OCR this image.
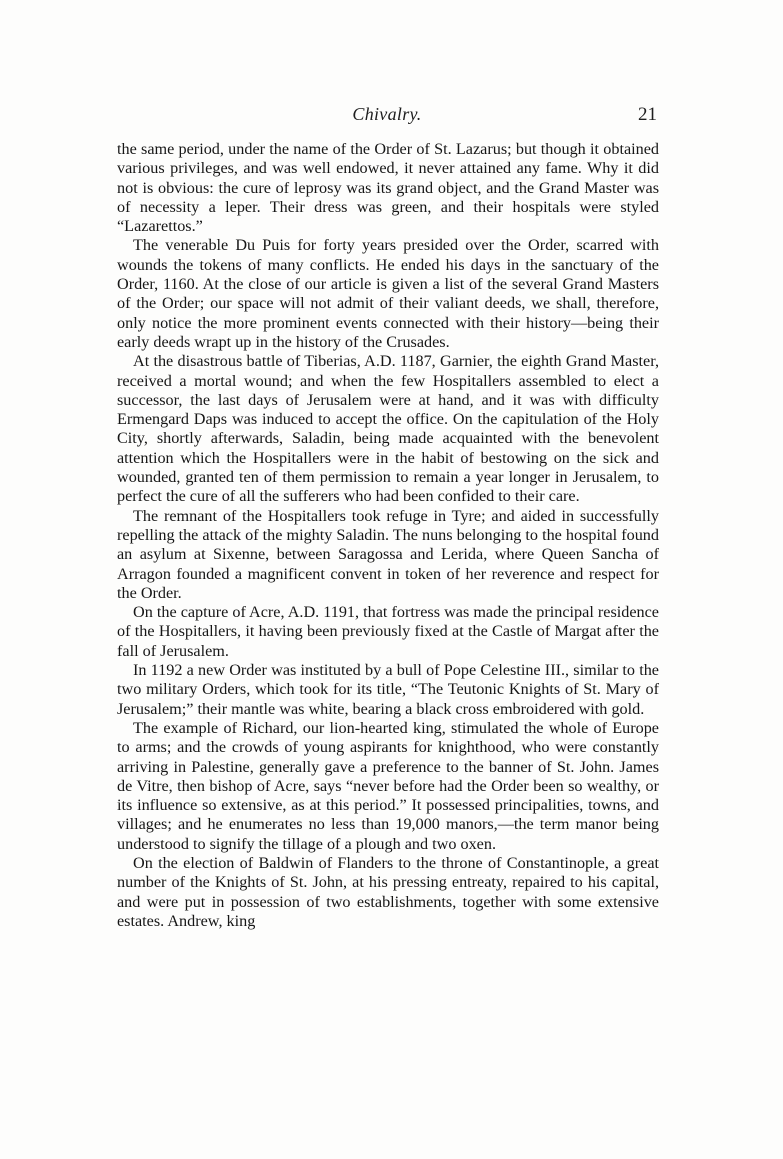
Chivalry.	21

the same period, under the name of the Order of St. Lazarus; but though it obtained various privileges, and was well endowed, it never attained any fame. Why it did not is obvious: the cure of leprosy was its grand object, and the Grand Master was of necessity a leper. Their dress was green, and their hospitals were styled “Lazarettos.”

The venerable Du Puis for forty years presided over the Order, scarred with wounds the tokens of many conflicts. He ended his days in the sanctuary of the Order, 1160. At the close of our article is given a list of the several Grand Masters of the Order; our space will not admit of their valiant deeds, we shall, therefore, only notice the more prominent events connected with their history—being their early deeds wrapt up in the history of the Crusades.

At the disastrous battle of Tiberias, A.D. 1187, Garnier, the eighth Grand Master, received a mortal wound; and when the few Hospitallers assembled to elect a successor, the last days of Jerusalem were at hand, and it was with difficulty Ermengard Daps was induced to accept the office. On the capitulation of the Holy City, shortly afterwards, Saladin, being made acquainted with the benevolent attention which the Hospitallers were in the habit of bestowing on the sick and wounded, granted ten of them permission to remain a year longer in Jerusalem, to perfect the cure of all the sufferers who had been confided to their care.

The remnant of the Hospitallers took refuge in Tyre; and aided in successfully repelling the attack of the mighty Saladin. The nuns belonging to the hospital found an asylum at Sixenne, between Saragossa and Lerida, where Queen Sancha of Arragon founded a magnificent convent in token of her reverence and respect for the Order.

On the capture of Acre, A.D. 1191, that fortress was made the principal residence of the Hospitallers, it having been previously fixed at the Castle of Margat after the fall of Jerusalem.

In 1192 a new Order was instituted by a bull of Pope Celestine III., similar to the two military Orders, which took for its title, “The Teutonic Knights of St. Mary of Jerusalem;” their mantle was white, bearing a black cross embroidered with gold.

The example of Richard, our lion-hearted king, stimulated the whole of Europe to arms; and the crowds of young aspirants for knighthood, who were constantly arriving in Palestine, generally gave a preference to the banner of St. John. James de Vitre, then bishop of Acre, says “never before had the Order been so wealthy, or its influence so extensive, as at this period.” It possessed principalities, towns, and villages; and he enumerates no less than 19,000 manors,—the term manor being understood to signify the tillage of a plough and two oxen.

On the election of Baldwin of Flanders to the throne of Constantinople, a great number of the Knights of St. John, at his pressing entreaty, repaired to his capital, and were put in possession of two establishments, together with some extensive estates. Andrew, king
